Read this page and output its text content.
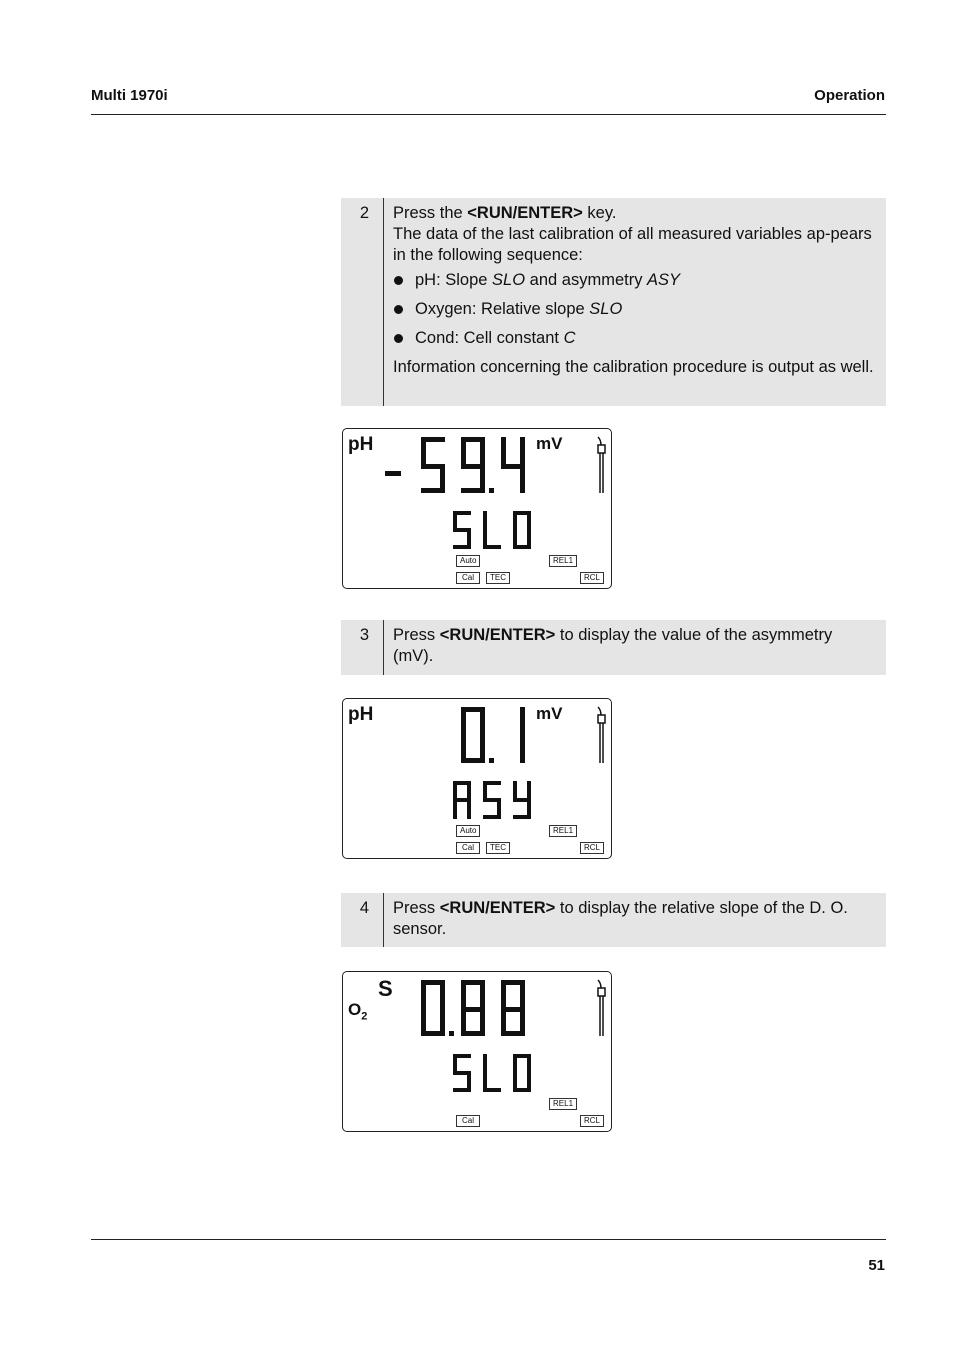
Multi 1970i	Operation
2	Press the <RUN/ENTER> key.
The data of the last calibration of all measured variables ap-pears in the following sequence:
pH: Slope SLO and asymmetry ASY
Oxygen: Relative slope SLO
Cond: Cell constant C
Information concerning the calibration procedure is output as well.
pH	mV
Auto	REL1
Cal	TEC	RCL
3	Press <RUN/ENTER> to display the value of the asymmetry (mV).
pH	mV
Auto	REL1
Cal	TEC	RCL
4	Press <RUN/ENTER> to display the relative slope of the D. O. sensor.
$O_2$
S
REL1
Cal	RCL
51
